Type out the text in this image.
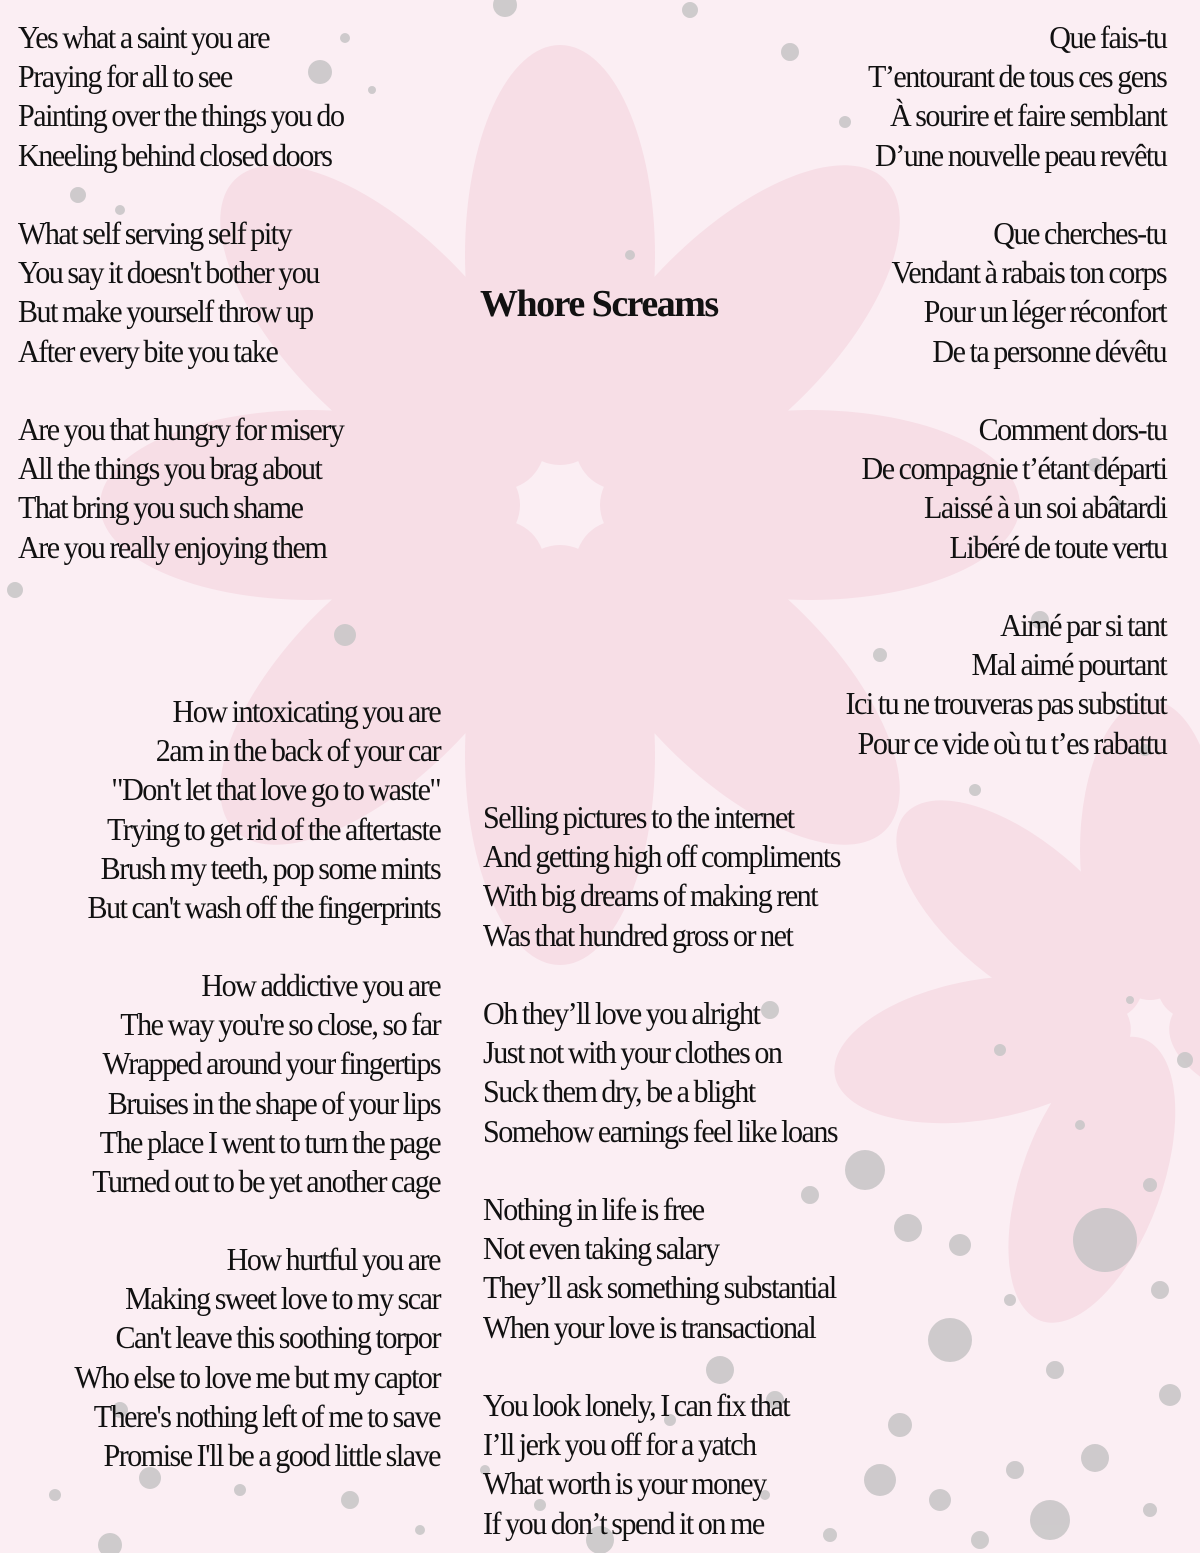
Whore Screams
Yes what a saint you are
Praying for all to see
Painting over the things you do
Kneeling behind closed doors
What self serving self pity
You say it doesn't bother you
But make yourself throw up
After every bite you take
Are you that hungry for misery
All the things you brag about
That bring you such shame
Are you really enjoying them
Que fais-tu
T’entourant de tous ces gens
À sourire et faire semblant
D’une nouvelle peau revêtu
Que cherches-tu
Vendant à rabais ton corps
Pour un léger réconfort
De ta personne dévêtu
Comment dors-tu
De compagnie t’étant départi
Laissé à un soi abâtardi
Libéré de toute vertu
Aimé par si tant
Mal aimé pourtant
Ici tu ne trouveras pas substitut
Pour ce vide où tu t’es rabattu
How intoxicating you are
2am in the back of your car
"Don't let that love go to waste"
Trying to get rid of the aftertaste
Brush my teeth, pop some mints
But can't wash off the fingerprints
How addictive you are
The way you're so close, so far
Wrapped around your fingertips
Bruises in the shape of your lips
The place I went to turn the page
Turned out to be yet another cage
How hurtful you are
Making sweet love to my scar
Can't leave this soothing torpor
Who else to love me but my captor
There's nothing left of me to save
Promise I'll be a good little slave
Selling pictures to the internet
And getting high off compliments
With big dreams of making rent
Was that hundred gross or net
Oh they’ll love you alright
Just not with your clothes on
Suck them dry, be a blight
Somehow earnings feel like loans
Nothing in life is free
Not even taking salary
They’ll ask something substantial
When your love is transactional
You look lonely, I can fix that
I’ll jerk you off for a yatch
What worth is your money
If you don’t spend it on me
